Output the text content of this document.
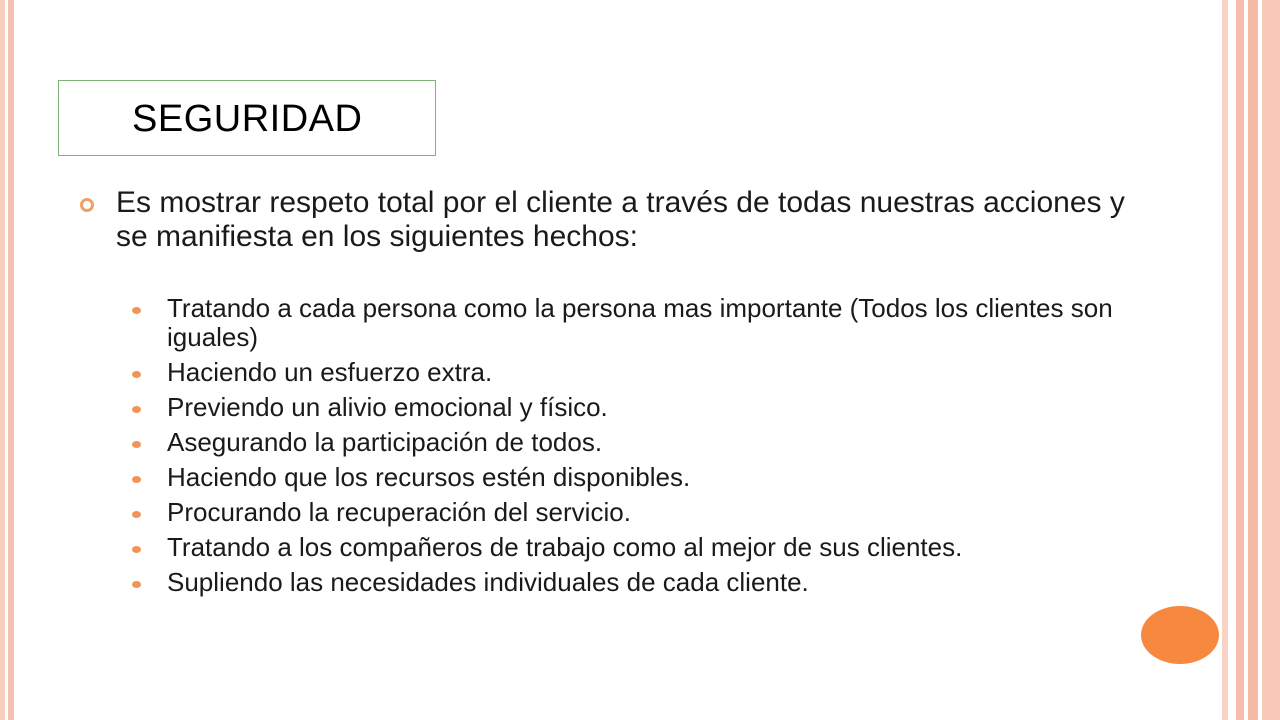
SEGURIDAD
Es mostrar respeto total por el cliente a través de todas nuestras acciones y se manifiesta en los siguientes hechos:
Tratando a cada persona como la persona mas importante (Todos los clientes son iguales)
Haciendo un esfuerzo extra.
Previendo un alivio emocional y físico.
Asegurando la participación de todos.
Haciendo que los recursos estén disponibles.
Procurando la recuperación del servicio.
Tratando a los compañeros de trabajo como al mejor de sus clientes.
Supliendo las necesidades individuales de cada cliente.
